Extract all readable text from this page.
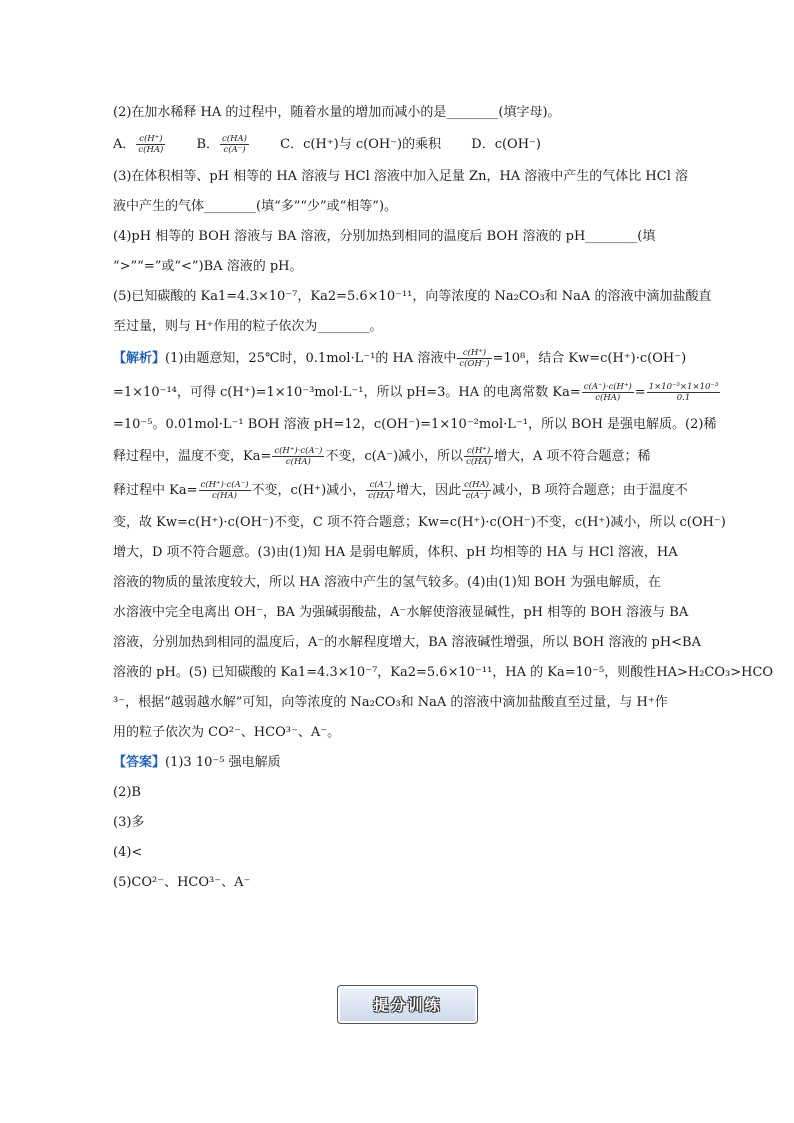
(2)在加水稀释 HA 的过程中，随着水量的增加而减小的是________(填字母)。
A． $\frac{c(H^+)}{c(HA)}$ B． $\frac{c(HA)}{c(A^-)}$ C．c(H⁺)与 c(OH⁻)的乘积 D．c(OH⁻)
(3)在体积相等、pH 相等的 HA 溶液与 HCl 溶液中加入足量 Zn，HA 溶液中产生的气体比 HCl 溶
液中产生的气体________(填“多”“少”或“相等”)。
(4)pH 相等的 BOH 溶液与 BA 溶液，分别加热到相同的温度后 BOH 溶液的 pH________(填
“>”“=”或“<”)BA 溶液的 pH。
(5)已知碳酸的 Ka1=4.3×10⁻⁷，Ka2=5.6×10⁻¹¹，向等浓度的 Na₂CO₃和 NaA 的溶液中滴加盐酸直
至过量，则与 H⁺作用的粒子依次为________。
【解析】(1)由题意知，25℃时，0.1mol·L⁻¹的 HA 溶液中 $\frac{c(H^+)}{c(OH^-)} =10^8$，结合 Kw=c(H⁺)·c(OH⁻)
=1×10⁻¹⁴，可得 c(H⁺)=1×10⁻³mol·L⁻¹，所以 pH=3。HA 的电离常数 $Ka= \frac{c(A^-)\cdot c(H^+)}{c(HA)} = \frac{\text{1×10⁻³×1×10⁻³}}{0.1}$
=10⁻⁵。0.01mol·L⁻¹ BOH 溶液 pH=12，c(OH⁻)=1×10⁻²mol·L⁻¹，所以 BOH 是强电解质。(2)稀
释过程中，温度不变，$Ka= \frac{c(H^+)\cdot c(A^-)}{c(HA)}$ 不变，c(A⁻)减小，所以 $\frac{c(H^+)}{c(HA)}$ 增大，A 项不符合题意；稀
释过程中 $Ka= \frac{c(H^+)\cdot c(A^-)}{c(HA)}$ 不变，c(H⁺)减小， $\frac{c(A^-)}{c(HA)}$ 增大，因此 $\frac{c(HA)}{c(A^-)}$ 减小，B 项符合题意；由于温度不
变，故 Kw=c(H⁺)·c(OH⁻)不变，C 项不符合题意；Kw=c(H⁺)·c(OH⁻)不变，c(H⁺)减小，所以 c(OH⁻)
增大，D 项不符合题意。(3)由(1)知 HA 是弱电解质，体积、pH 均相等的 HA 与 HCl 溶液，HA
溶液的物质的量浓度较大，所以 HA 溶液中产生的氢气较多。(4)由(1)知 BOH 为强电解质，在
水溶液中完全电离出 OH⁻，BA 为强碱弱酸盐，A⁻水解使溶液显碱性，pH 相等的 BOH 溶液与 BA
溶液，分别加热到相同的温度后，A⁻的水解程度增大，BA 溶液碱性增强，所以 BOH 溶液的 pH<BA
溶液的 pH。(5) 已知碳酸的 Ka1=4.3×10⁻⁷，Ka2=5.6×10⁻¹¹，HA 的 Ka=10⁻⁵，则酸性HA>H₂CO₃>HCO
³⁻，根据“越弱越水解”可知，向等浓度的 Na₂CO₃和 NaA 的溶液中滴加盐酸直至过量，与 H⁺作
用的粒子依次为 CO²⁻、HCO³⁻、A⁻。
【答案】(1)3 10⁻⁵ 强电解质
(2)B
(3)多
(4)<
(5)CO²⁻、HCO³⁻、A⁻
提分训练
